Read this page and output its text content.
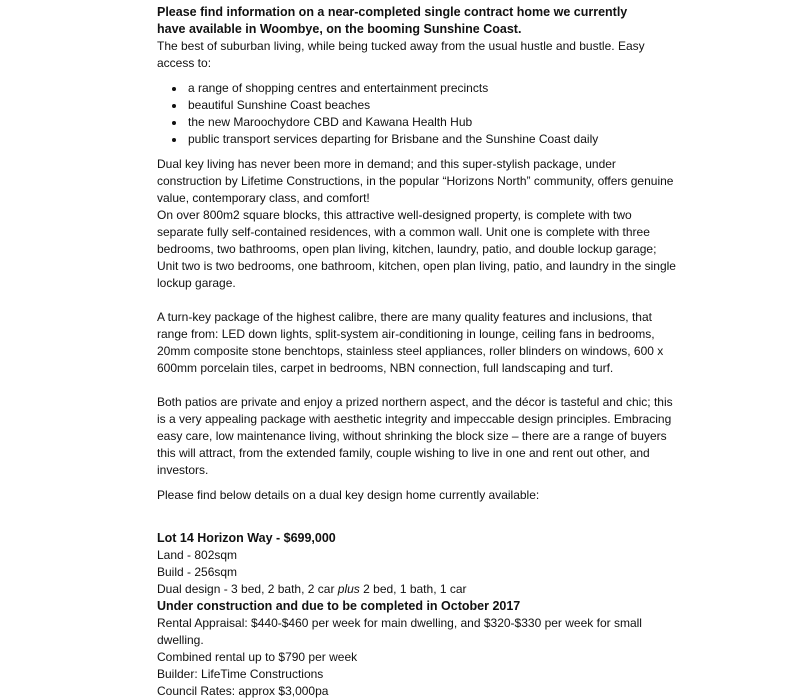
Please find information on a near-completed single contract home we currently

have available in Woombye, on the booming Sunshine Coast.

The best of suburban living, while being tucked away from the usual hustle and bustle. Easy access to:

• a range of shopping centres and entertainment precincts
• beautiful Sunshine Coast beaches
• the new Maroochydore CBD and Kawana Health Hub
• public transport services departing for Brisbane and the Sunshine Coast daily

Dual key living has never been more in demand; and this super-stylish package, under construction by Lifetime Constructions, in the popular “Horizons North” community, offers genuine value, contemporary class, and comfort!

On over 800m2 square blocks, this attractive well-designed property, is complete with two separate fully self-contained residences, with a common wall. Unit one is complete with three bedrooms, two bathrooms, open plan living, kitchen, laundry, patio, and double lockup garage; Unit two is two bedrooms, one bathroom, kitchen, open plan living, patio, and laundry in the single lockup garage.

A turn-key package of the highest calibre, there are many quality features and inclusions, that range from: LED down lights, split-system air-conditioning in lounge, ceiling fans in bedrooms, 20mm composite stone benchtops, stainless steel appliances, roller blinders on windows, 600 x 600mm porcelain tiles, carpet in bedrooms, NBN connection, full landscaping and turf.

Both patios are private and enjoy a prized northern aspect, and the décor is tasteful and chic; this is a very appealing package with aesthetic integrity and impeccable design principles. Embracing easy care, low maintenance living, without shrinking the block size – there are a range of buyers this will attract, from the extended family, couple wishing to live in one and rent out other, and investors.

Please find below details on a dual key design home currently available:

Lot 14 Horizon Way - $699,000

Land - 802sqm

Build - 256sqm

Dual design - 3 bed, 2 bath, 2 car plus 2 bed, 1 bath, 1 car

Under construction and due to be completed in October 2017

Rental Appraisal: $440-$460 per week for main dwelling, and $320-$330 per week for small dwelling.

Combined rental up to $790 per week

Builder: LifeTime Constructions

Council Rates: approx $3,000pa
